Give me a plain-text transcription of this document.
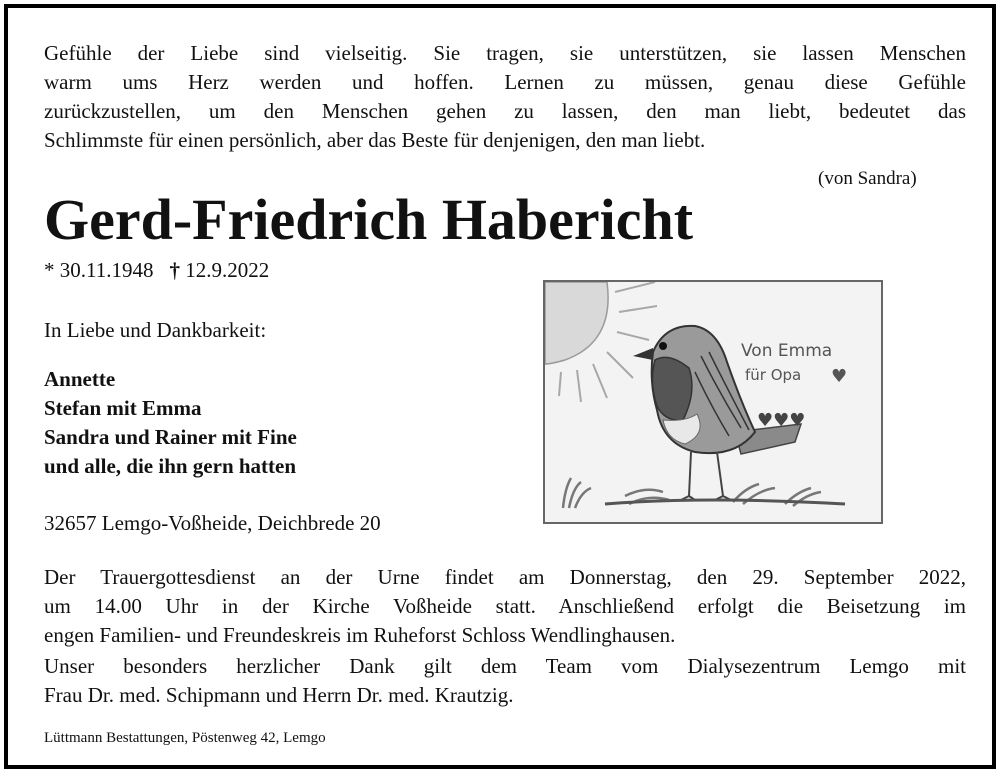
Gefühle der Liebe sind vielseitig. Sie tragen, sie unterstützen, sie lassen Menschen
warm ums Herz werden und hoffen. Lernen zu müssen, genau diese Gefühle
zurückzustellen, um den Menschen gehen zu lassen, den man liebt, bedeutet das
Schlimmste für einen persönlich, aber das Beste für denjenigen, den man liebt.
(von Sandra)
Gerd-Friedrich Habericht
* 30.11.1948 † 12.9.2022
In Liebe und Dankbarkeit:
Annette
Stefan mit Emma
Sandra und Rainer mit Fine
und alle, die ihn gern hatten
32657 Lemgo-Voßheide, Deichbrede 20
♥♥♥
Von Emma
für Opa ♥
Der Trauergottesdienst an der Urne findet am Donnerstag, den 29. September 2022,
um 14.00 Uhr in der Kirche Voßheide statt. Anschließend erfolgt die Beisetzung im
engen Familien- und Freundeskreis im Ruheforst Schloss Wendlinghausen.
Unser besonders herzlicher Dank gilt dem Team vom Dialysezentrum Lemgo mit
Frau Dr. med. Schipmann und Herrn Dr. med. Krautzig.
Lüttmann Bestattungen, Pöstenweg 42, Lemgo
